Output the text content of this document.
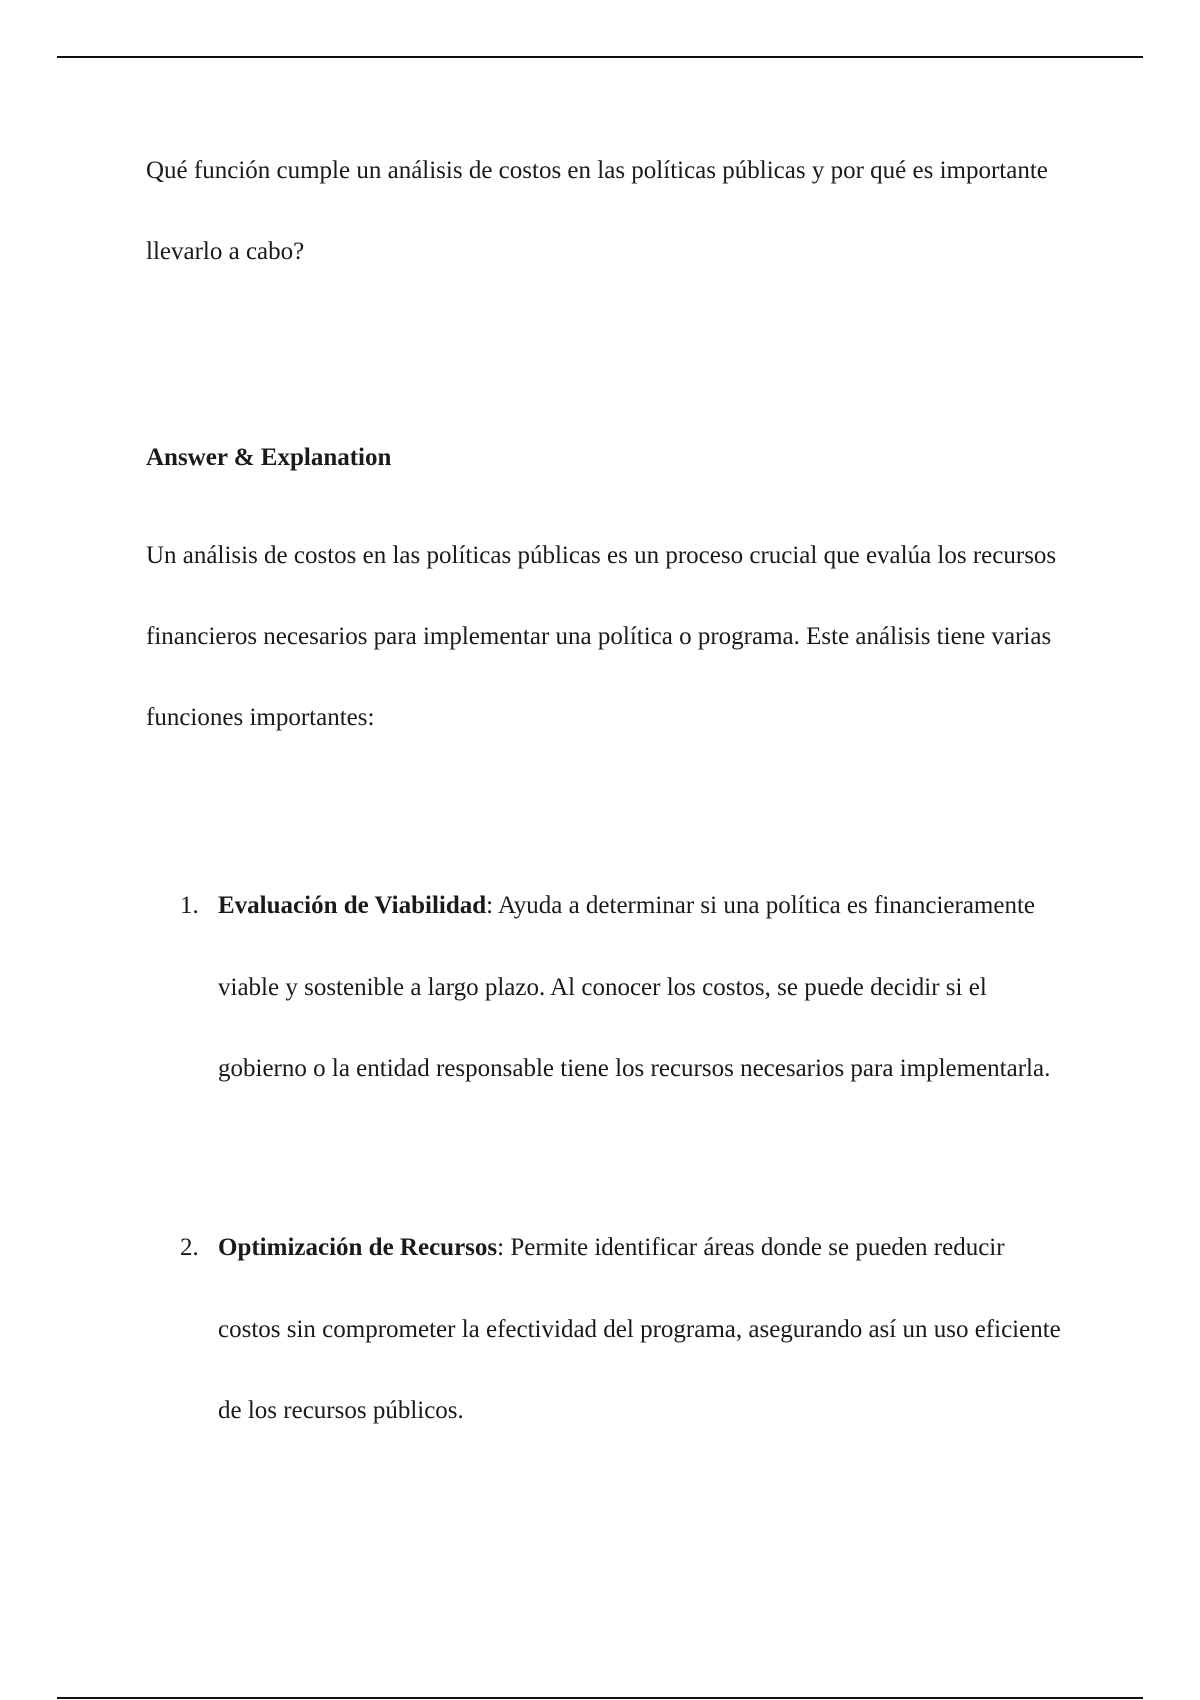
Qué función cumple un análisis de costos en las políticas públicas y por qué es importante llevarlo a cabo?

Answer & Explanation

Un análisis de costos en las políticas públicas es un proceso crucial que evalúa los recursos financieros necesarios para implementar una política o programa. Este análisis tiene varias funciones importantes:

1. Evaluación de Viabilidad: Ayuda a determinar si una política es financieramente viable y sostenible a largo plazo. Al conocer los costos, se puede decidir si el gobierno o la entidad responsable tiene los recursos necesarios para implementarla.
2. Optimización de Recursos: Permite identificar áreas donde se pueden reducir costos sin comprometer la efectividad del programa, asegurando así un uso eficiente de los recursos públicos.
